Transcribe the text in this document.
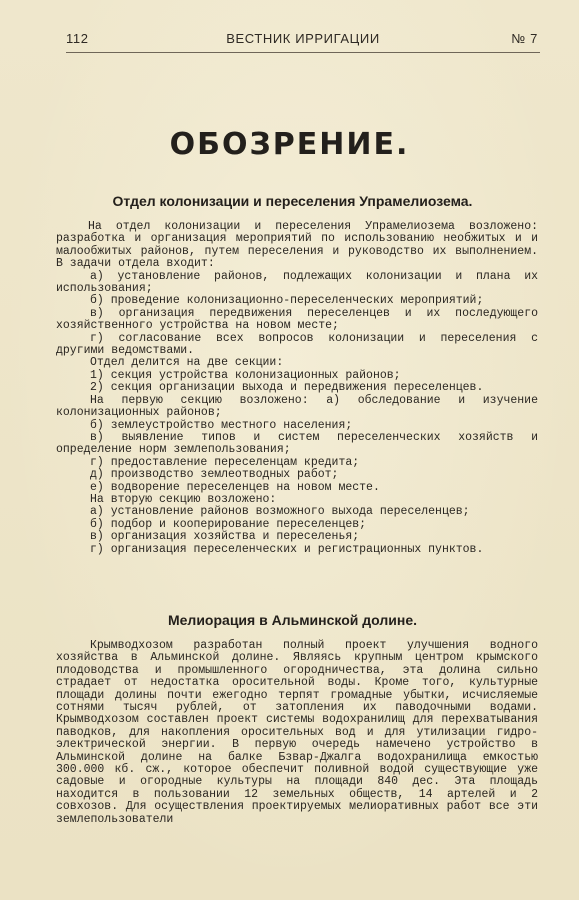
112	ВЕСТНИК ИРРИГАЦИИ	№ 7
ОБОЗРЕНИЕ.
Отдел колонизации и переселения Упрамелиозема.

На отдел колонизации и переселения Упрамелиозема возложено: разработка и организация мероприятий по использованию необжитых и и малообжитых районов, путем переселения и руководство их выполнением. В задачи отдела входит:

а) установление районов, подлежащих колонизации и плана их использования;

б) проведение колонизационно-переселенческих мероприятий;

в) организация передвижения переселенцев и их последующего хозяйственного устройства на новом месте;

г) согласование всех вопросов колонизации и переселения с другими ведомствами.

Отдел делится на две секции:

1) секция устройства колонизационных районов;

2) секция организации выхода и передвижения переселенцев.

На первую секцию возложено: а) обследование и изучение колонизационных районов;

б) землеустройство местного населения;

в) выявление типов и систем переселенческих хозяйств и определение норм землепользования;

г) предоставление переселенцам кредита;

д) производство землеотводных работ;

е) водворение переселенцев на новом месте.

На вторую секцию возложено:

а) установление районов возможного выхода переселенцев;

б) подбор и кооперирование переселенцев;

в) организация хозяйства и переселенья;

г) организация переселенческих и регистрационных пунктов.

Мелиорация в Альминской долине.

Крымводхозом разработан полный проект улучшения водного хозяйства в Альминской долине. Являясь крупным центром крымского плодоводства и промышленного огородничества, эта долина сильно страдает от недостатка оросительной воды. Кроме того, культурные площади долины почти ежегодно терпят громадные убытки, исчисляемые сотнями тысяч рублей, от затопления их паводочными водами. Крымводхозом составлен проект системы водохранилищ для перехватывания паводков, для накопления оросительных вод и для утилизации гидро-электрической энергии. В первую очередь намечено устройство в Альминской долине на балке Бзвар-Джалга водохранилища емкостью 300.000 кб. сж., которое обеспечит поливной водой существующие уже садовые и огородные культуры на площади 840 дес. Эта площадь находится в пользовании 12 земельных обществ, 14 артелей и 2 совхозов. Для осуществления проектируемых мелиоративных работ все эти землепользователи
